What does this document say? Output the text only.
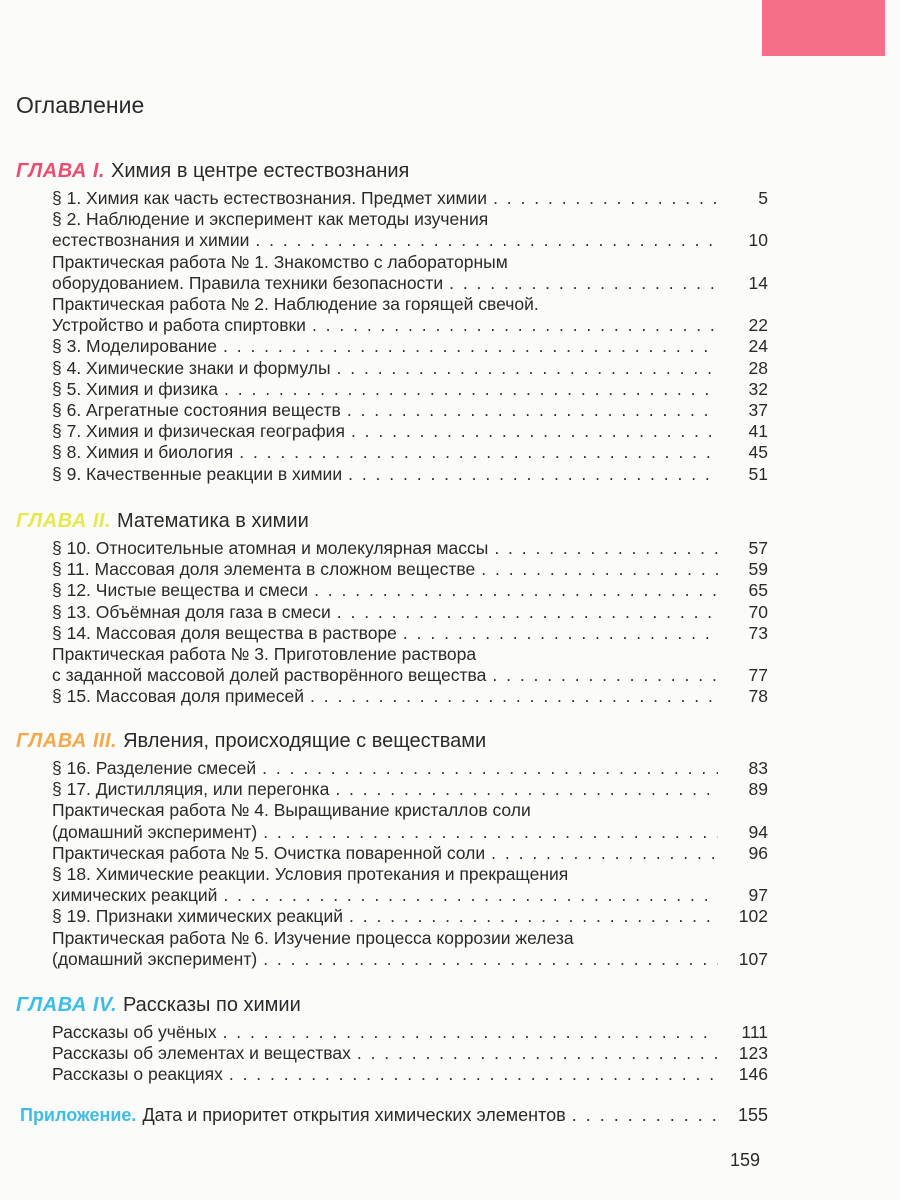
Оглавление
ГЛАВА I. Химия в центре естествознания
§ 1. Химия как часть естествознания. Предмет химии . . .	5
§ 2. Наблюдение и эксперимент как методы изучения
естествознания и химии . . .	10
Практическая работа № 1. Знакомство с лабораторным
оборудованием. Правила техники безопасности . . .	14
Практическая работа № 2. Наблюдение за горящей свечой.
Устройство и работа спиртовки . . .	22
§ 3. Моделирование . . .	24
§ 4. Химические знаки и формулы . . .	28
§ 5. Химия и физика . . .	32
§ 6. Агрегатные состояния веществ . . .	37
§ 7. Химия и физическая география . . .	41
§ 8. Химия и биология . . .	45
§ 9. Качественные реакции в химии . . .	51
ГЛАВА II. Математика в химии
§ 10. Относительные атомная и молекулярная массы . . .	57
§ 11. Массовая доля элемента в сложном веществе . . .	59
§ 12. Чистые вещества и смеси . . .	65
§ 13. Объёмная доля газа в смеси . . .	70
§ 14. Массовая доля вещества в растворе . . .	73
Практическая работа № 3. Приготовление раствора
с заданной массовой долей растворённого вещества . . .	77
§ 15. Массовая доля примесей . . .	78
ГЛАВА III. Явления, происходящие с веществами
§ 16. Разделение смесей . . .	83
§ 17. Дистилляция, или перегонка . . .	89
Практическая работа № 4. Выращивание кристаллов соли
(домашний эксперимент) . . .	94
Практическая работа № 5. Очистка поваренной соли . . .	96
§ 18. Химические реакции. Условия протекания и прекращения
химических реакций . . .	97
§ 19. Признаки химических реакций . . .	102
Практическая работа № 6. Изучение процесса коррозии железа
(домашний эксперимент) . . .	107
ГЛАВА IV. Рассказы по химии
Рассказы об учёных . . .	111
Рассказы об элементах и веществах . . .	123
Рассказы о реакциях . . .	146
Приложение. Дата и приоритет открытия химических элементов . . .	155
159
